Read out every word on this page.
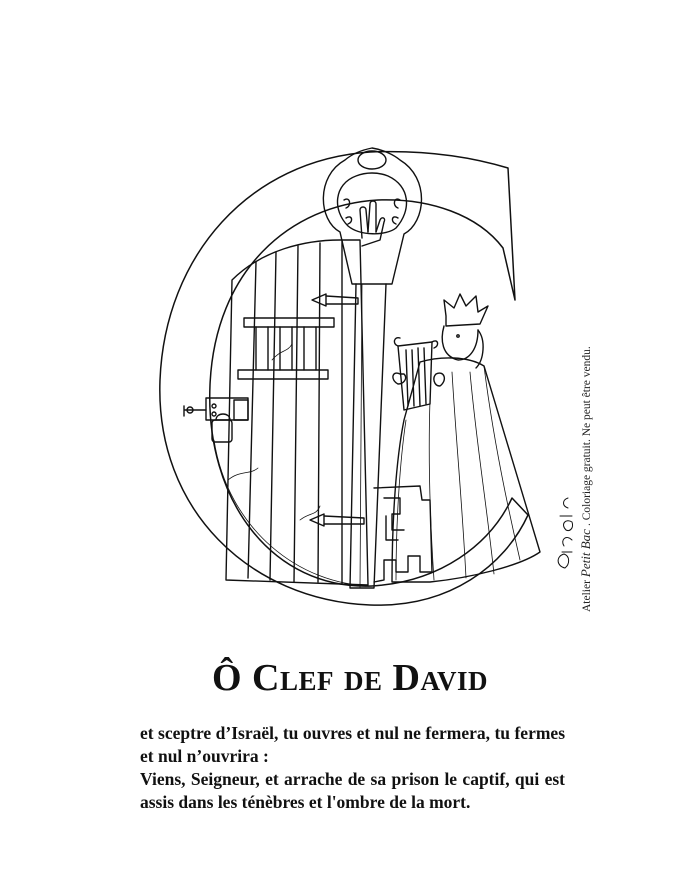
AtelierPetit Bac. Coloriage gratuit. Ne peut être vendu.
Ô Clef de David

et sceptre d’Israël, tu ouvres et nul ne fermera, tu fermes et nul n’ouvrira :

Viens, Seigneur, et arrache de sa prison le captif, qui est assis dans les ténèbres et l'ombre de la mort.
